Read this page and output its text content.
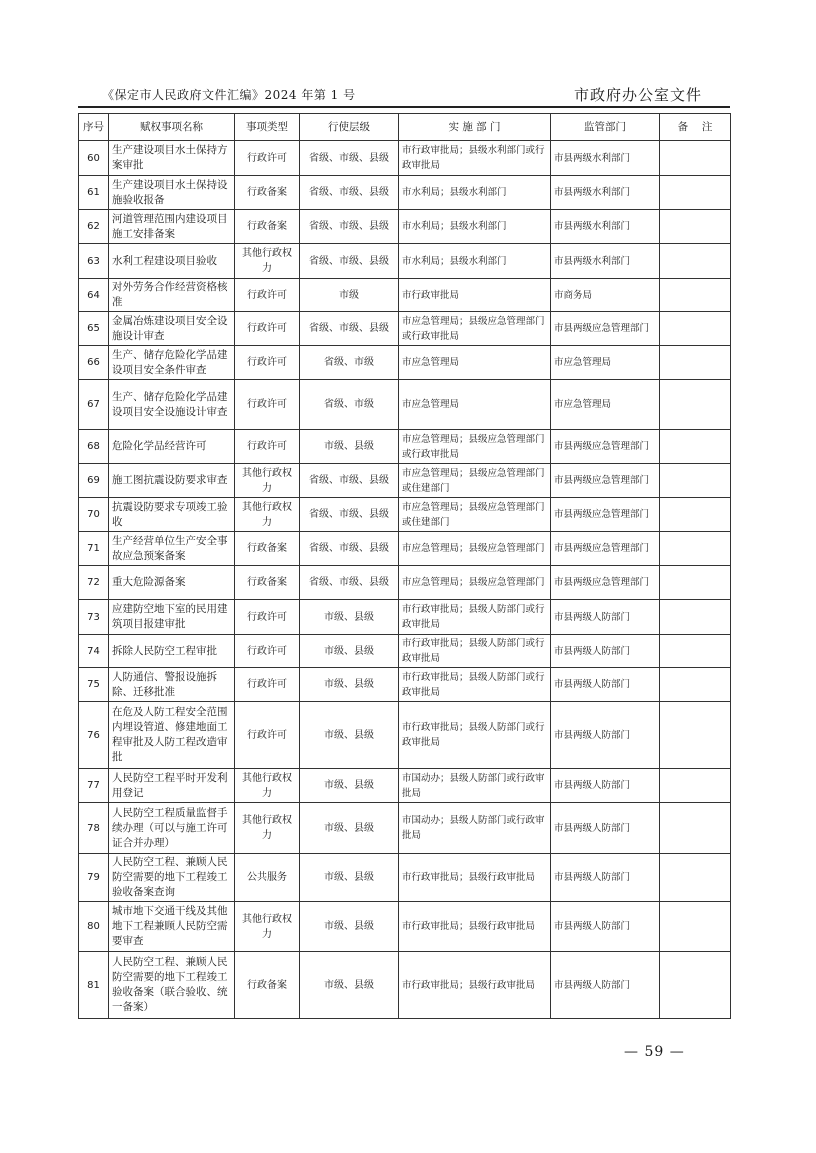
《保定市人民政府文件汇编》2024 年第 1 号	市政府办公室文件
序号	赋权事项名称	事项类型	行使层级	实 施 部 门	监管部门	备　 注
60	生产建设项目水土保持方案审批	行政许可	省级、市级、县级	市行政审批局；县级水利部门或行政审批局	市县两级水利部门	
61	生产建设项目水土保持设施验收报备	行政备案	省级、市级、县级	市水利局；县级水利部门	市县两级水利部门	
62	河道管理范围内建设项目施工安排备案	行政备案	省级、市级、县级	市水利局；县级水利部门	市县两级水利部门	
63	水利工程建设项目验收	其他行政权力	省级、市级、县级	市水利局；县级水利部门	市县两级水利部门	
64	对外劳务合作经营资格核准	行政许可	市级	市行政审批局	市商务局	
65	金属冶炼建设项目安全设施设计审查	行政许可	省级、市级、县级	市应急管理局；县级应急管理部门或行政审批局	市县两级应急管理部门	
66	生产、储存危险化学品建设项目安全条件审查	行政许可	省级、市级	市应急管理局	市应急管理局	
67	生产、储存危险化学品建设项目安全设施设计审查	行政许可	省级、市级	市应急管理局	市应急管理局	
68	危险化学品经营许可	行政许可	市级、县级	市应急管理局；县级应急管理部门或行政审批局	市县两级应急管理部门	
69	施工图抗震设防要求审查	其他行政权力	省级、市级、县级	市应急管理局；县级应急管理部门或住建部门	市县两级应急管理部门	
70	抗震设防要求专项竣工验收	其他行政权力	省级、市级、县级	市应急管理局；县级应急管理部门或住建部门	市县两级应急管理部门	
71	生产经营单位生产安全事故应急预案备案	行政备案	省级、市级、县级	市应急管理局；县级应急管理部门	市县两级应急管理部门	
72	重大危险源备案	行政备案	省级、市级、县级	市应急管理局；县级应急管理部门	市县两级应急管理部门	
73	应建防空地下室的民用建筑项目报建审批	行政许可	市级、县级	市行政审批局；县级人防部门或行政审批局	市县两级人防部门	
74	拆除人民防空工程审批	行政许可	市级、县级	市行政审批局；县级人防部门或行政审批局	市县两级人防部门	
75	人防通信、警报设施拆除、迁移批准	行政许可	市级、县级	市行政审批局；县级人防部门或行政审批局	市县两级人防部门	
76	在危及人防工程安全范围内埋设管道、修建地面工程审批及人防工程改造审批	行政许可	市级、县级	市行政审批局；县级人防部门或行政审批局	市县两级人防部门	
77	人民防空工程平时开发利用登记	其他行政权力	市级、县级	市国动办；县级人防部门或行政审批局	市县两级人防部门	
78	人民防空工程质量监督手续办理（可以与施工许可证合并办理）	其他行政权力	市级、县级	市国动办；县级人防部门或行政审批局	市县两级人防部门	
79	人民防空工程、兼顾人民防空需要的地下工程竣工验收备案查询	公共服务	市级、县级	市行政审批局；县级行政审批局	市县两级人防部门	
80	城市地下交通干线及其他地下工程兼顾人民防空需要审查	其他行政权力	市级、县级	市行政审批局；县级行政审批局	市县两级人防部门	
81	人民防空工程、兼顾人民防空需要的地下工程竣工验收备案（联合验收、统一备案）	行政备案	市级、县级	市行政审批局；县级行政审批局	市县两级人防部门	
— 59 —
